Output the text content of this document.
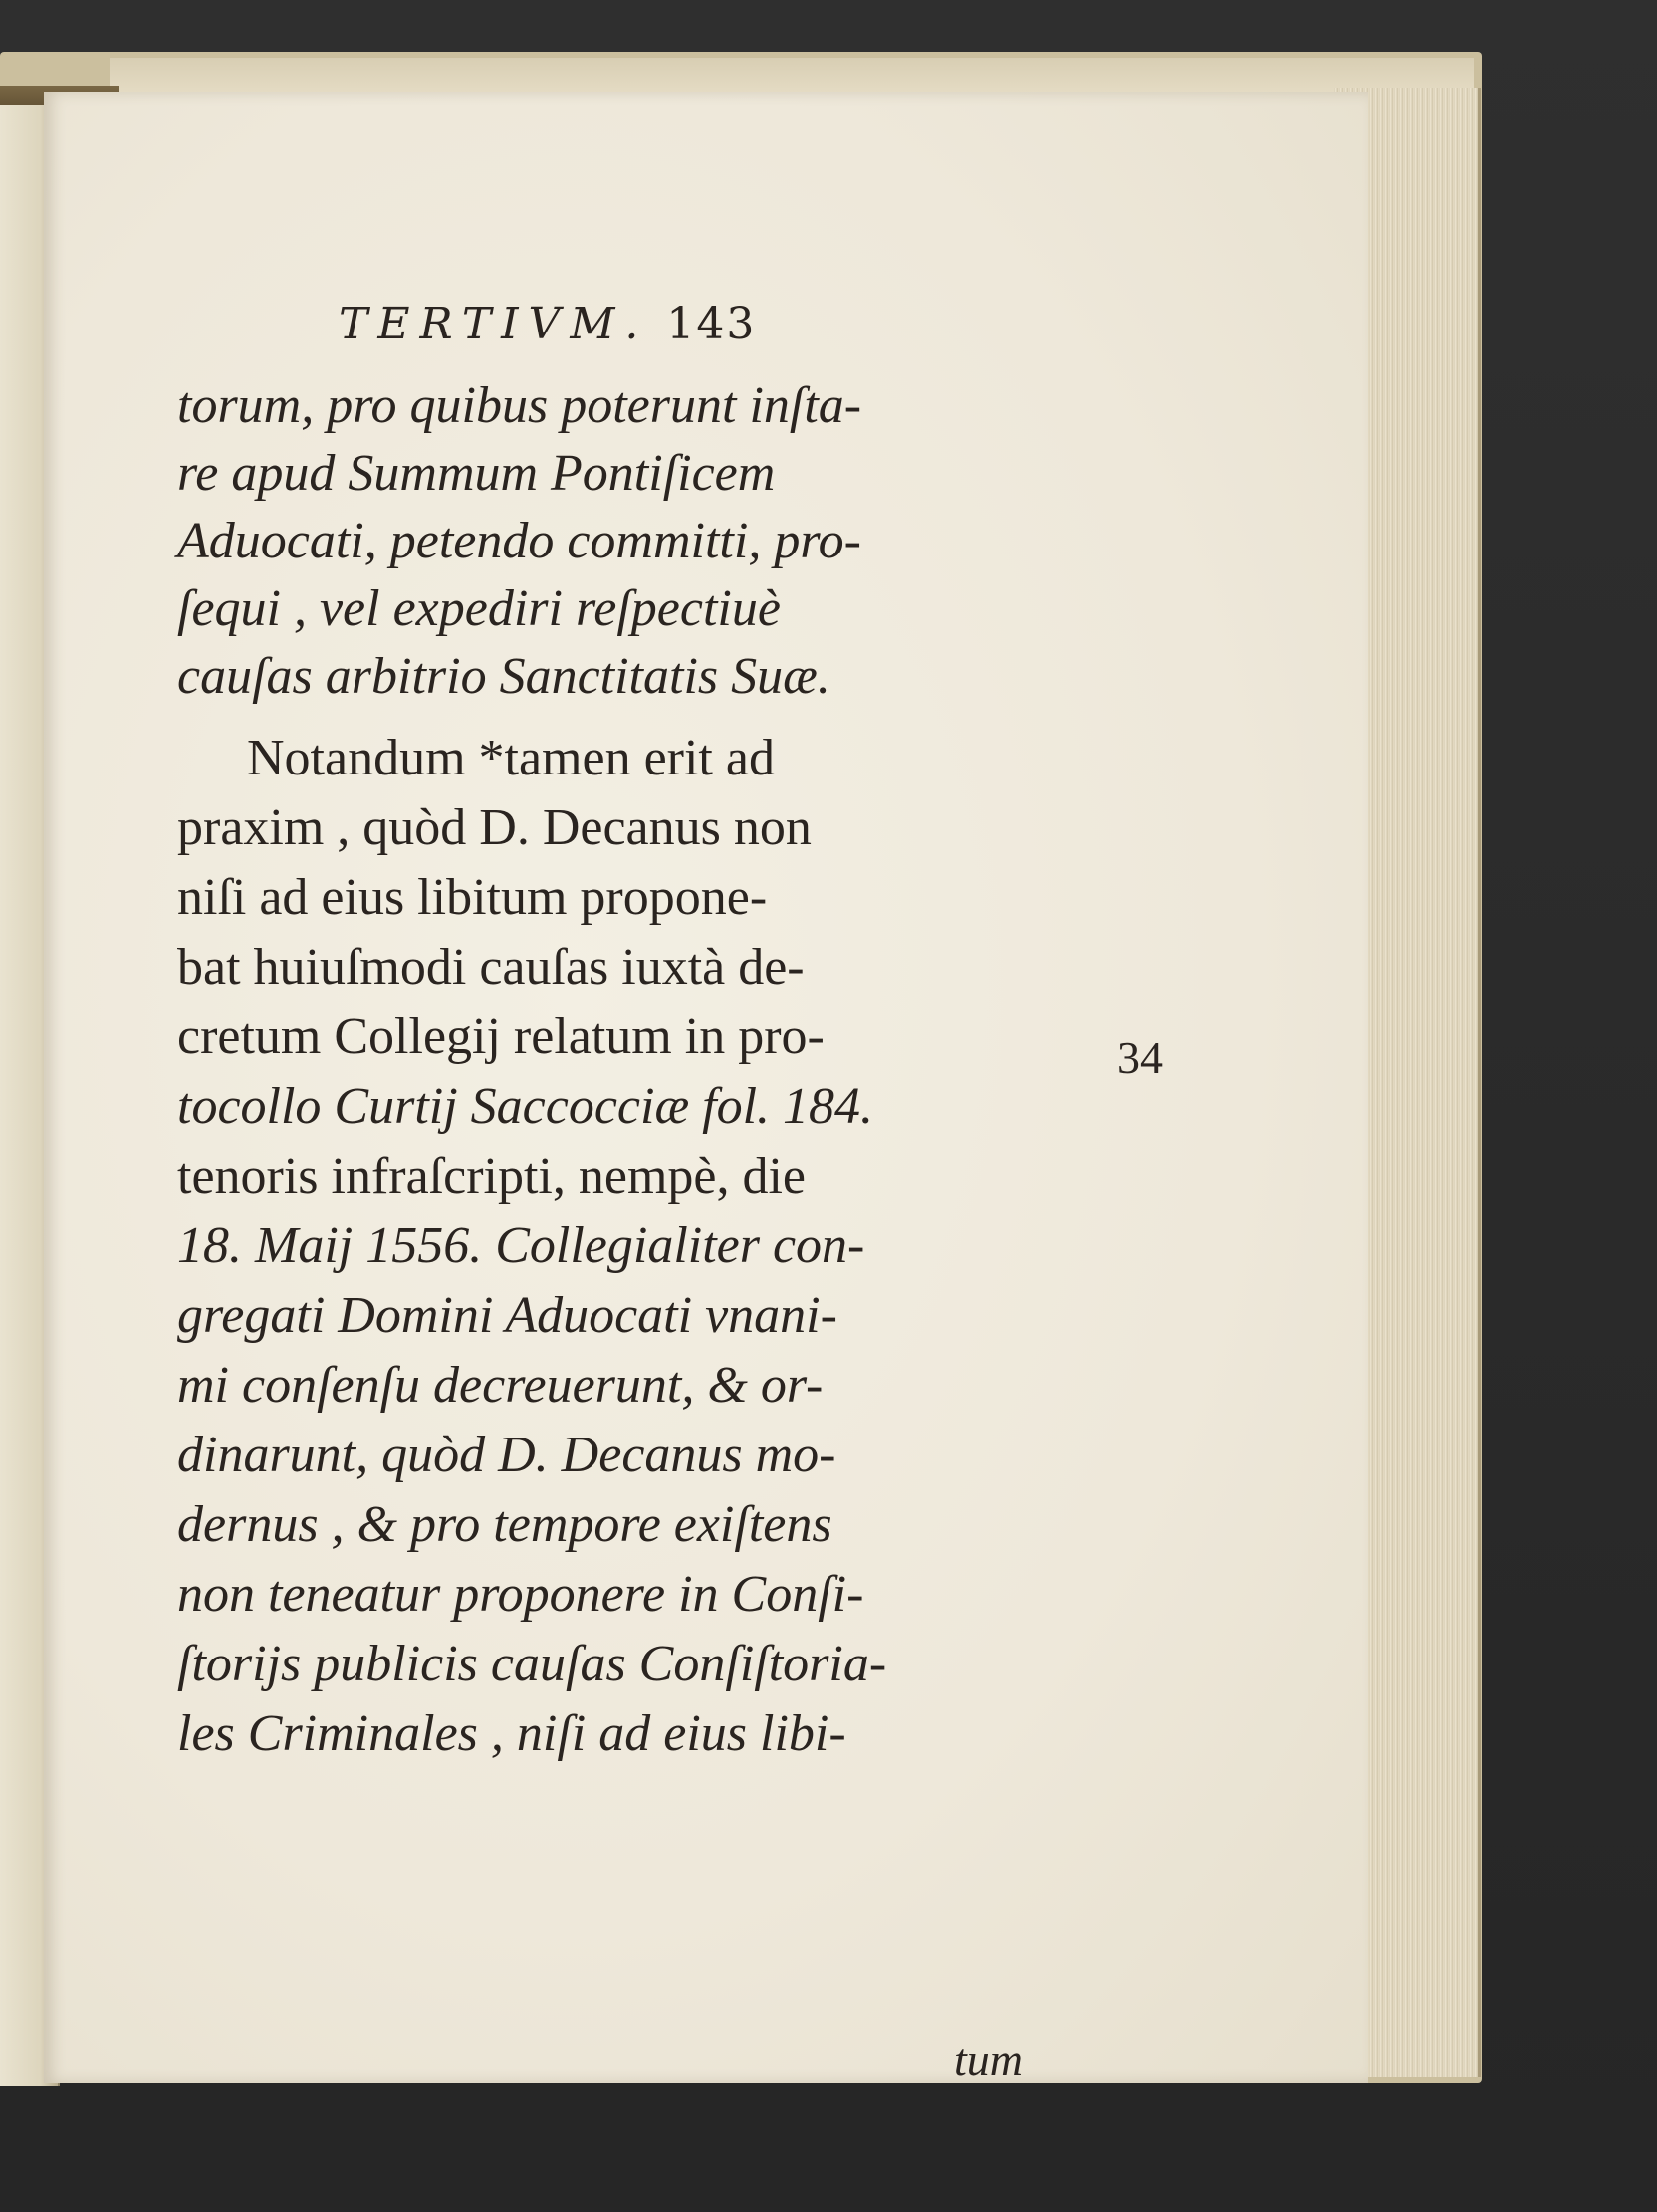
TERTIVM. 143
torum, pro quibus poterunt inſta-
re apud Summum Pontiſicem
Aduocati, petendo committi, pro-
ſequi , vel expediri reſpectiuè
cauſas arbitrio Sanctitatis Suæ.
Notandum *tamen erit ad
praxim , quòd D. Decanus non
niſi ad eius libitum propone-
bat huiuſmodi cauſas iuxtà de-
cretum Collegij relatum in pro-
tocollo Curtij Saccocciæ fol. 184.
tenoris infraſcripti, nempè, die
18. Maij 1556. Collegialiter con-
gregati Domini Aduocati vnani-
mi conſenſu decreuerunt, & or-
dinarunt, quòd D. Decanus mo-
dernus , & pro tempore exiſtens
non teneatur proponere in Conſi-
ſtorijs publicis cauſas Conſiſtoria-
les Criminales , niſi ad eius libi-
34
tum
